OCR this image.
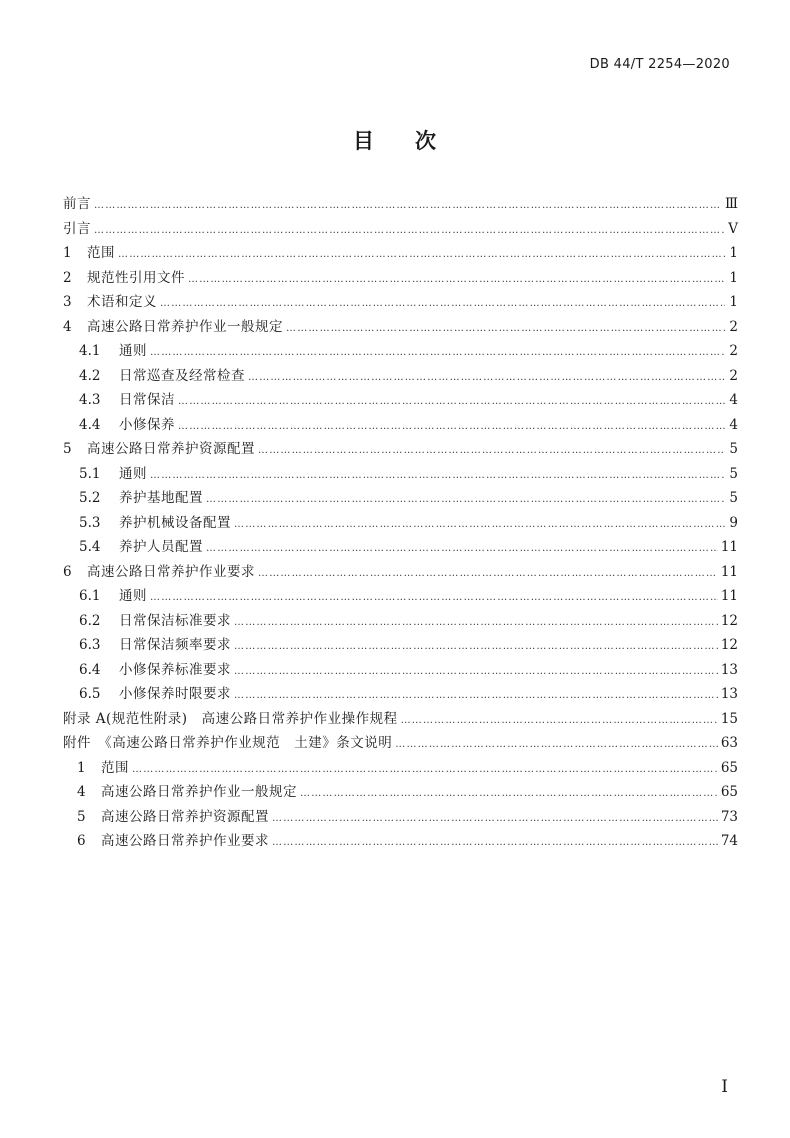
DB 44/T 2254—2020
目 次
前言 …………………………………………………………………………………………………………………………………………………………………………………………	Ⅲ
引言 …………………………………………………………………………………………………………………………………………………………………………………………	Ⅴ
1	范围 …………………………………………………………………………………………………………………………………………………………………………………………	1
2	规范性引用文件 …………………………………………………………………………………………………………………………………………………………………………………………	1
3	术语和定义 …………………………………………………………………………………………………………………………………………………………………………………………	1
4	高速公路日常养护作业一般规定 …………………………………………………………………………………………………………………………………………………………………………………………	2
4.1	通则 …………………………………………………………………………………………………………………………………………………………………………………………	2
4.2	日常巡查及经常检查 …………………………………………………………………………………………………………………………………………………………………………………………	2
4.3	日常保洁 …………………………………………………………………………………………………………………………………………………………………………………………	4
4.4	小修保养 …………………………………………………………………………………………………………………………………………………………………………………………	4
5	高速公路日常养护资源配置 …………………………………………………………………………………………………………………………………………………………………………………………	5
5.1	通则 …………………………………………………………………………………………………………………………………………………………………………………………	5
5.2	养护基地配置 …………………………………………………………………………………………………………………………………………………………………………………………	5
5.3	养护机械设备配置 …………………………………………………………………………………………………………………………………………………………………………………………	9
5.4	养护人员配置 …………………………………………………………………………………………………………………………………………………………………………………………	11
6	高速公路日常养护作业要求 …………………………………………………………………………………………………………………………………………………………………………………………	11
6.1	通则 …………………………………………………………………………………………………………………………………………………………………………………………	11
6.2	日常保洁标准要求 …………………………………………………………………………………………………………………………………………………………………………………………	12
6.3	日常保洁频率要求 …………………………………………………………………………………………………………………………………………………………………………………………	12
6.4	小修保养标准要求 …………………………………………………………………………………………………………………………………………………………………………………………	13
6.5	小修保养时限要求 …………………………………………………………………………………………………………………………………………………………………………………………	13
附录 A(规范性附录)　高速公路日常养护作业操作规程 …………………………………………………………………………………………………………………………………………………………………………………………	15
附件　《高速公路日常养护作业规范　土建》条文说明 …………………………………………………………………………………………………………………………………………………………………………………………	63
1	范围 …………………………………………………………………………………………………………………………………………………………………………………………	65
4	高速公路日常养护作业一般规定 …………………………………………………………………………………………………………………………………………………………………………………………	65
5	高速公路日常养护资源配置 …………………………………………………………………………………………………………………………………………………………………………………………	73
6	高速公路日常养护作业要求 …………………………………………………………………………………………………………………………………………………………………………………………	74
Ⅰ
